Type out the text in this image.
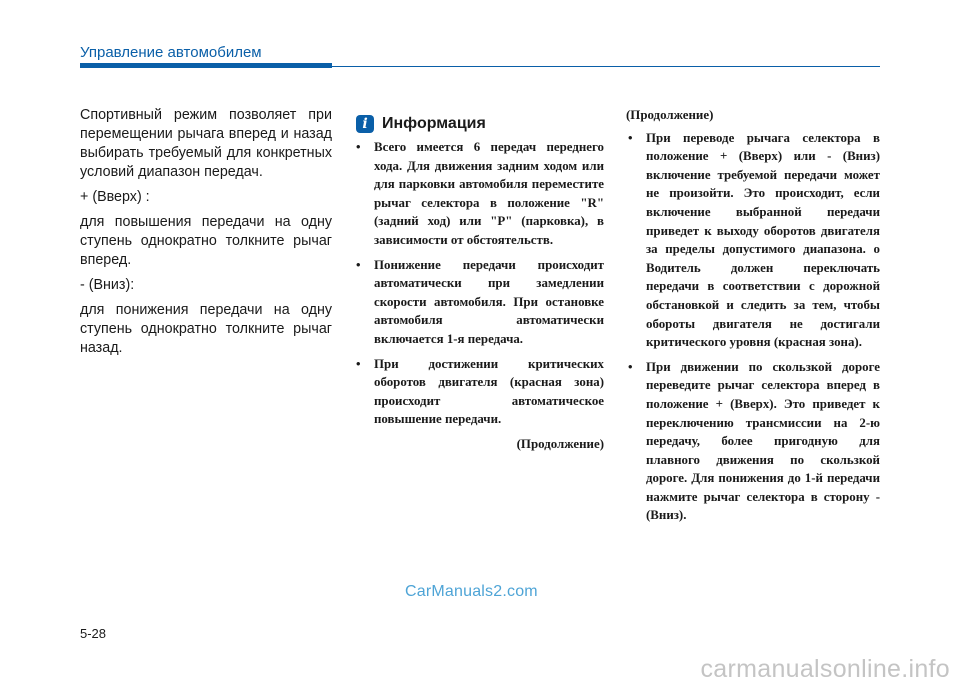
Управление автомобилем

Спортивный режим позволяет при перемещении рычага вперед и назад выбирать требуемый для конкретных условий диапазон передач.

+ (Вверх) :

для повышения передачи на одну ступень однократно толкните рычаг вперед.

- (Вниз):

для понижения передачи на одну ступень однократно толкните рычаг назад.

i Информация
• Всего имеется 6 передач переднего хода. Для движения задним ходом или для парковки автомобиля переместите рычаг селектора в положение "R" (задний ход) или "P" (парковка), в зависимости от обстоятельств.
• Понижение передачи происходит автоматически при замедлении скорости автомобиля. При остановке автомобиля автоматически включается 1-я передача.
• При достижении критических оборотов двигателя (красная зона) происходит автоматическое повышение передачи.
(Продолжение)
(Продолжение)
• При переводе рычага селектора в положение + (Вверх) или - (Вниз) включение требуемой передачи может не произойти. Это происходит, если включение выбранной передачи приведет к выходу оборотов двигателя за пределы допустимого диапазона. о Водитель должен переключать передачи в соответствии с дорожной обстановкой и следить за тем, чтобы обороты двигателя не достигали критического уровня (красная зона).
• При движении по скользкой дороге переведите рычаг селектора вперед в положение + (Вверх). Это приведет к переключению трансмиссии на 2-ю передачу, более пригодную для плавного движения по скользкой дороге. Для понижения до 1-й передачи нажмите рычаг селектора в сторону - (Вниз).
CarManuals2.com
5-28
carmanualsonline.info
